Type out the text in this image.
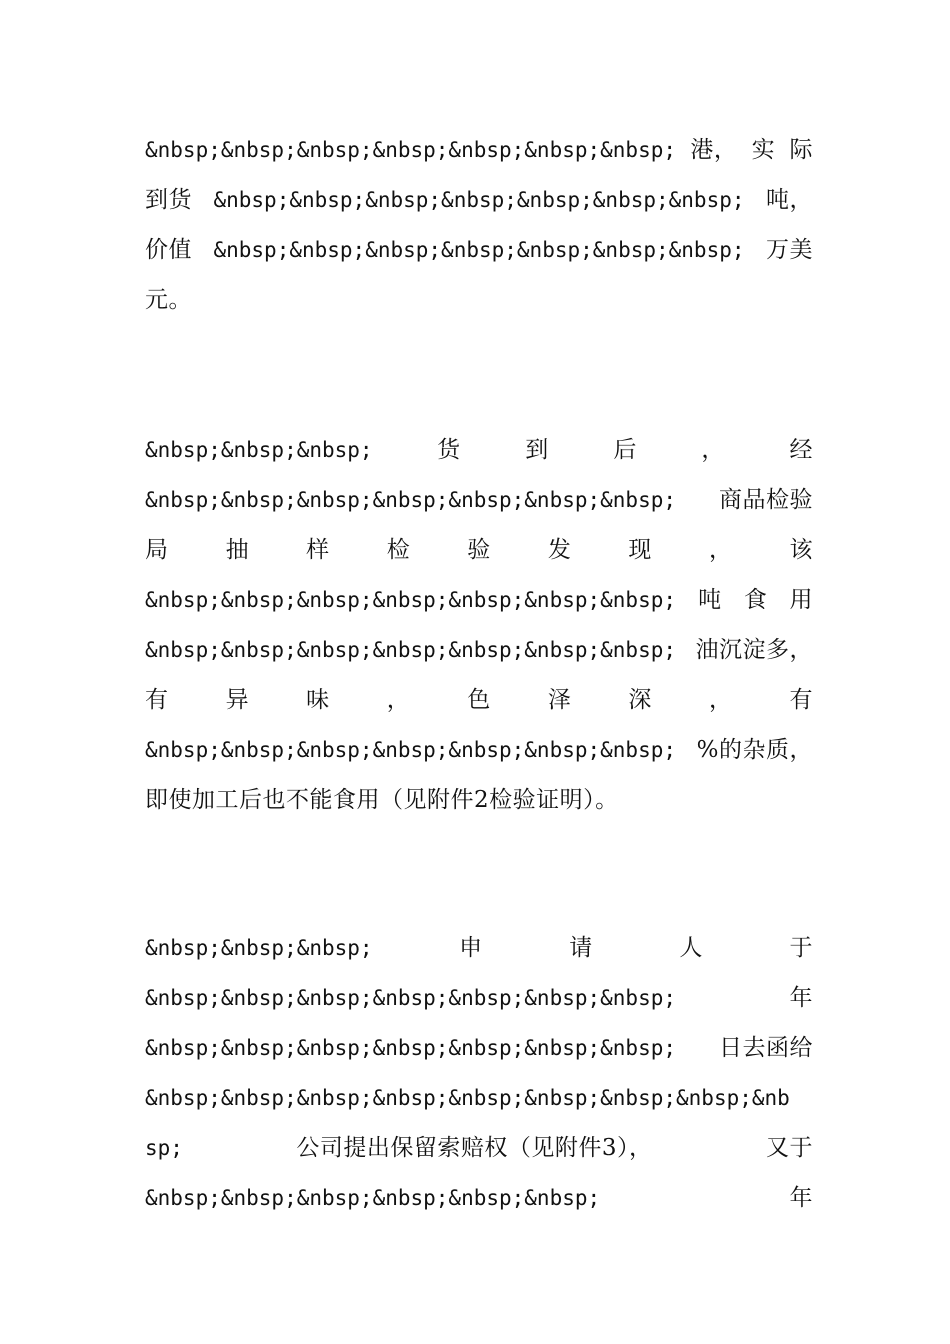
&nbsp;&nbsp;&nbsp;&nbsp;&nbsp;&nbsp;&nbsp; 港， 实 际
到货 &nbsp;&nbsp;&nbsp;&nbsp;&nbsp;&nbsp;&nbsp; 吨，
价值 &nbsp;&nbsp;&nbsp;&nbsp;&nbsp;&nbsp;&nbsp; 万美
元。
&nbsp;&nbsp;&nbsp;	货	到	后	，	经
&nbsp;&nbsp;&nbsp;&nbsp;&nbsp;&nbsp;&nbsp; 商品检验
局 抽 样 检 验 发 现 ， 该
&nbsp;&nbsp;&nbsp;&nbsp;&nbsp;&nbsp;&nbsp; 吨 食 用
&nbsp;&nbsp;&nbsp;&nbsp;&nbsp;&nbsp;&nbsp; 油沉淀多，
有 异 味 ， 色 泽 深 ， 有
&nbsp;&nbsp;&nbsp;&nbsp;&nbsp;&nbsp;&nbsp; %的杂质，
即使加工后也不能食用（见附件2检验证明）。
&nbsp;&nbsp;&nbsp;	申	请	人	于
&nbsp;&nbsp;&nbsp;&nbsp;&nbsp;&nbsp;&nbsp;	年
&nbsp;&nbsp;&nbsp;&nbsp;&nbsp;&nbsp;&nbsp; 日去函给
&nbsp;&nbsp;&nbsp;&nbsp;&nbsp;&nbsp;&nbsp;&nbsp;&nb
sp;	公司提出保留索赔权（见附件3），	又于
&nbsp;&nbsp;&nbsp;&nbsp;&nbsp;&nbsp;	年
